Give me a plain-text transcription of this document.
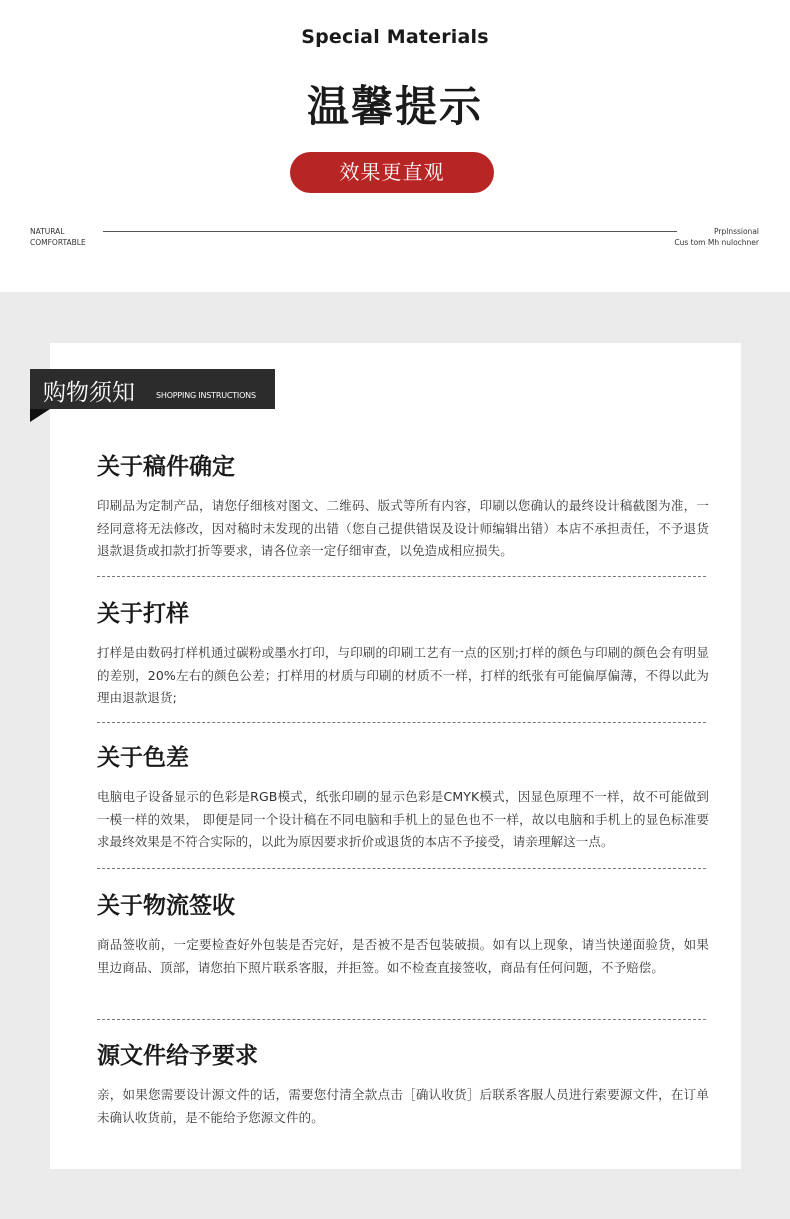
Special Materials
温馨提示
效果更直观
NATURAL
COMFORTABLE
Prplnssional
Cus tom Mh nulochner
购物须知	SHOPPING INSTRUCTIONS
关于稿件确定
印刷品为定制产品，请您仔细核对图文、二维码、版式等所有内容，印刷以您确认的最终设计稿截图为准，一经同意将无法修改，因对稿时未发现的出错（您自己提供错误及设计师编辑出错）本店不承担责任，不予退货退款退货或扣款打折等要求，请各位亲一定仔细审查，以免造成相应损失。
关于打样
打样是由数码打样机通过碳粉或墨水打印，与印刷的印刷工艺有一点的区别;打样的颜色与印刷的颜色会有明显的差别，20%左右的颜色公差；打样用的材质与印刷的材质不一样，打样的纸张有可能偏厚偏薄，不得以此为理由退款退货;
关于色差
电脑电子设备显示的色彩是RGB模式，纸张印刷的显示色彩是CMYK模式，因显色原理不一样，故不可能做到一模一样的效果， 即便是同一个设计稿在不同电脑和手机上的显色也不一样，故以电脑和手机上的显色标准要求最终效果是不符合实际的，以此为原因要求折价或退货的本店不予接受，请亲理解这一点。
关于物流签收
商品签收前，一定要检查好外包装是否完好，是否被不是否包装破损。如有以上现象，请当快递面验货，如果里边商品、顶部，请您拍下照片联系客服，并拒签。如不检查直接签收，商品有任何问题，不予赔偿。
源文件给予要求
亲，如果您需要设计源文件的话，需要您付清全款点击［确认收货］后联系客服人员进行索要源文件，在订单未确认收货前，是不能给予您源文件的。
